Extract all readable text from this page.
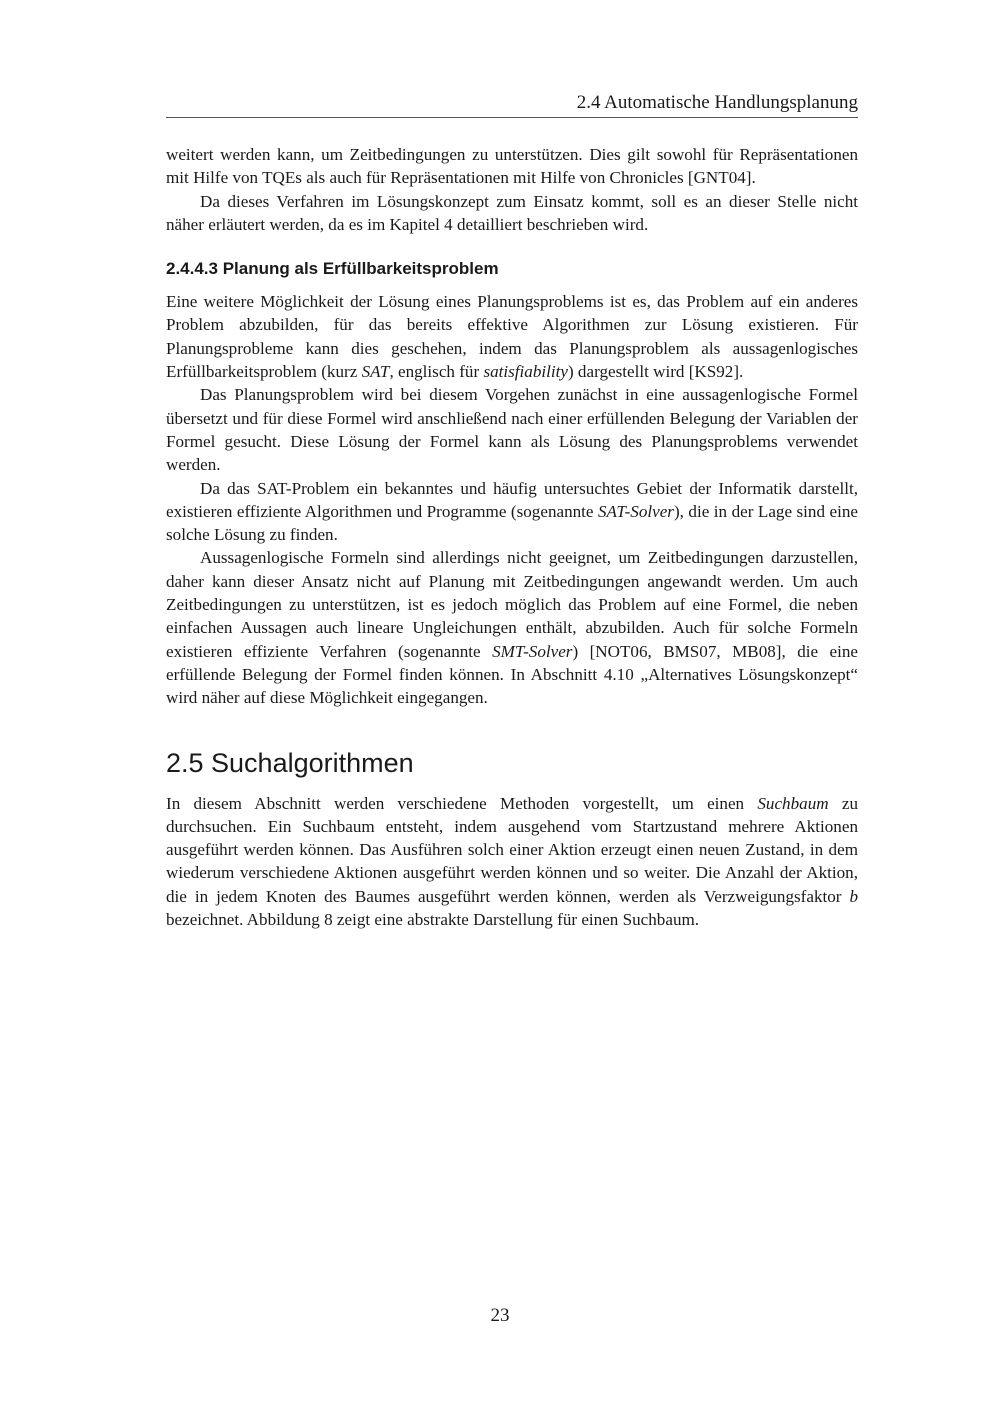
2.4 Automatische Handlungsplanung

weitert werden kann, um Zeitbedingungen zu unterstützen. Dies gilt sowohl für Repräsentationen mit Hilfe von TQEs als auch für Repräsentationen mit Hilfe von Chronicles [GNT04].

Da dieses Verfahren im Lösungskonzept zum Einsatz kommt, soll es an dieser Stelle nicht näher erläutert werden, da es im Kapitel 4 detailliert beschrieben wird.

2.4.4.3 Planung als Erfüllbarkeitsproblem

Eine weitere Möglichkeit der Lösung eines Planungsproblems ist es, das Problem auf ein anderes Problem abzubilden, für das bereits effektive Algorithmen zur Lösung existieren. Für Planungsprobleme kann dies geschehen, indem das Planungsproblem als aussagenlogisches Erfüllbarkeitsproblem (kurz SAT, englisch für satisfiability) dargestellt wird [KS92].

Das Planungsproblem wird bei diesem Vorgehen zunächst in eine aussagenlogische Formel übersetzt und für diese Formel wird anschließend nach einer erfüllenden Belegung der Variablen der Formel gesucht. Diese Lösung der Formel kann als Lösung des Planungsproblems verwendet werden.

Da das SAT-Problem ein bekanntes und häufig untersuchtes Gebiet der Informatik darstellt, existieren effiziente Algorithmen und Programme (sogenannte SAT-Solver), die in der Lage sind eine solche Lösung zu finden.

Aussagenlogische Formeln sind allerdings nicht geeignet, um Zeitbedingungen darzustellen, daher kann dieser Ansatz nicht auf Planung mit Zeitbedingungen angewandt werden. Um auch Zeitbedingungen zu unterstützen, ist es jedoch möglich das Problem auf eine Formel, die neben einfachen Aussagen auch lineare Ungleichungen enthält, abzubilden. Auch für solche Formeln existieren effiziente Verfahren (sogenannte SMT-Solver) [NOT06, BMS07, MB08], die eine erfüllende Belegung der Formel finden können. In Abschnitt 4.10 „Alternatives Lösungskonzept“ wird näher auf diese Möglichkeit eingegangen.

2.5 Suchalgorithmen

In diesem Abschnitt werden verschiedene Methoden vorgestellt, um einen Suchbaum zu durchsuchen. Ein Suchbaum entsteht, indem ausgehend vom Startzustand mehrere Aktionen ausgeführt werden können. Das Ausführen solch einer Aktion erzeugt einen neuen Zustand, in dem wiederum verschiedene Aktionen ausgeführt werden können und so weiter. Die Anzahl der Aktion, die in jedem Knoten des Baumes ausgeführt werden können, werden als Verzweigungsfaktor b bezeichnet. Abbildung 8 zeigt eine abstrakte Darstellung für einen Suchbaum.

23
